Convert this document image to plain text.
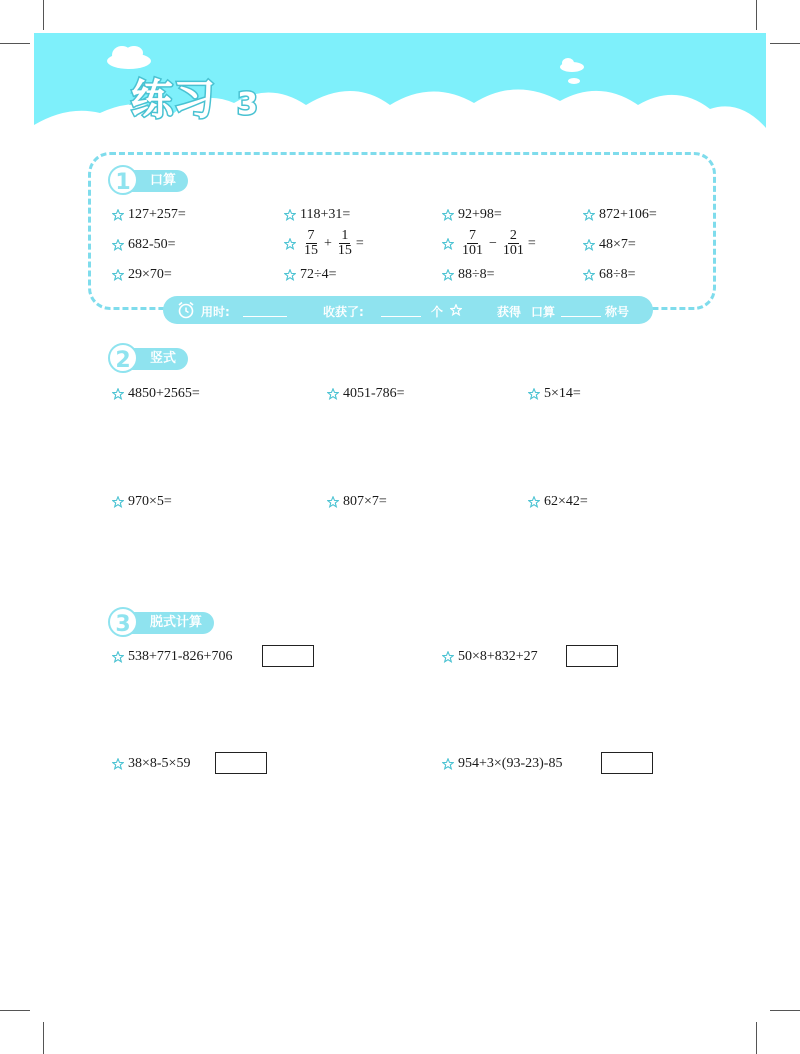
练习 3
1 口算
127+257=	118+31=	92+98=	872+106=
682-50=	$\frac{7}{15} + \frac{1}{15}$ =	$\frac{7}{101} - \frac{2}{101}$ =	48×7=
29×70=	72÷4=	88÷8=	68÷8=
用时:	收获了:	个	获得 口算	称号
2 竖式
4850+2565=	4051-786=	5×14=
970×5=	807×7=	62×42=
3 脱式计算
538+771-826+706	50×8+832+27
38×8-5×59	954+3×(93-23)-85
